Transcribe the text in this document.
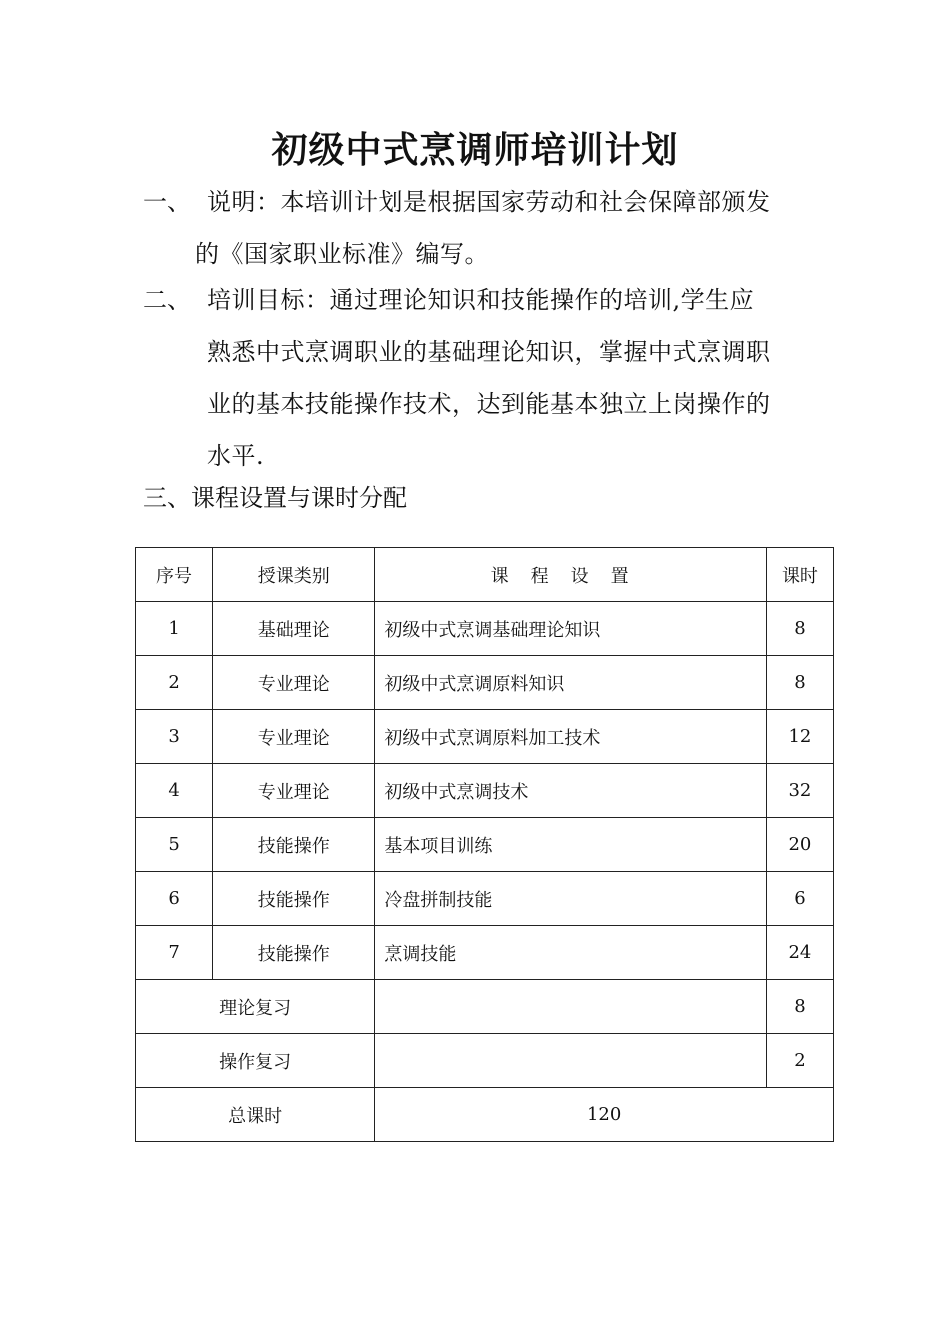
初级中式烹调师培训计划
一、 说明：本培训计划是根据国家劳动和社会保障部颁发
的《国家职业标准》编写。
二、 培训目标：通过理论知识和技能操作的培训,学生应
熟悉中式烹调职业的基础理论知识，掌握中式烹调职
业的基本技能操作技术，达到能基本独立上岗操作的
水平.
三、课程设置与课时分配
序号	授课类别	课程设置	课时
1	基础理论	初级中式烹调基础理论知识	8
2	专业理论	初级中式烹调原料知识	8
3	专业理论	初级中式烹调原料加工技术	12
4	专业理论	初级中式烹调技术	32
5	技能操作	基本项目训练	20
6	技能操作	冷盘拼制技能	6
7	技能操作	烹调技能	24
理论复习			8
操作复习			2
总课时		120	
